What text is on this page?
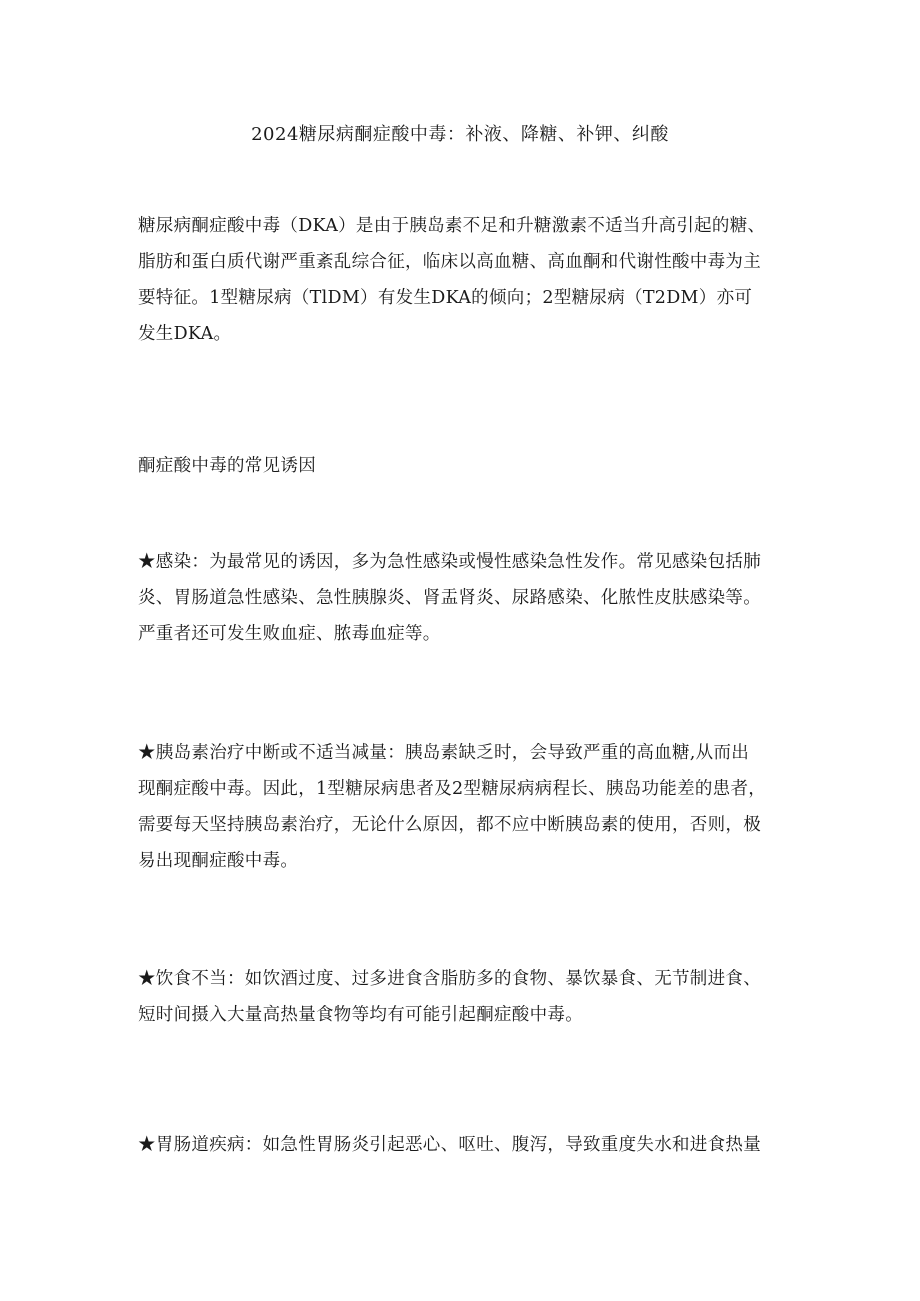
2024糖尿病酮症酸中毒：补液、降糖、补钾、纠酸

糖尿病酮症酸中毒（DKA）是由于胰岛素不足和升糖激素不适当升高引起的糖、
脂肪和蛋白质代谢严重紊乱综合征，临床以高血糖、高血酮和代谢性酸中毒为主
要特征。1型糖尿病（TlDM）有发生DKA的倾向；2型糖尿病（T2DM）亦可
发生DKA。

酮症酸中毒的常见诱因

★感染：为最常见的诱因，多为急性感染或慢性感染急性发作。常见感染包括肺
炎、胃肠道急性感染、急性胰腺炎、肾盂肾炎、尿路感染、化脓性皮肤感染等。
严重者还可发生败血症、脓毒血症等。

★胰岛素治疗中断或不适当减量：胰岛素缺乏时，会导致严重的高血糖,从而出
现酮症酸中毒。因此，1型糖尿病患者及2型糖尿病病程长、胰岛功能差的患者，
需要每天坚持胰岛素治疗，无论什么原因，都不应中断胰岛素的使用，否则，极
易出现酮症酸中毒。

★饮食不当：如饮酒过度、过多进食含脂肪多的食物、暴饮暴食、无节制进食、
短时间摄入大量高热量食物等均有可能引起酮症酸中毒。

★胃肠道疾病：如急性胃肠炎引起恶心、呕吐、腹泻，导致重度失水和进食热量
